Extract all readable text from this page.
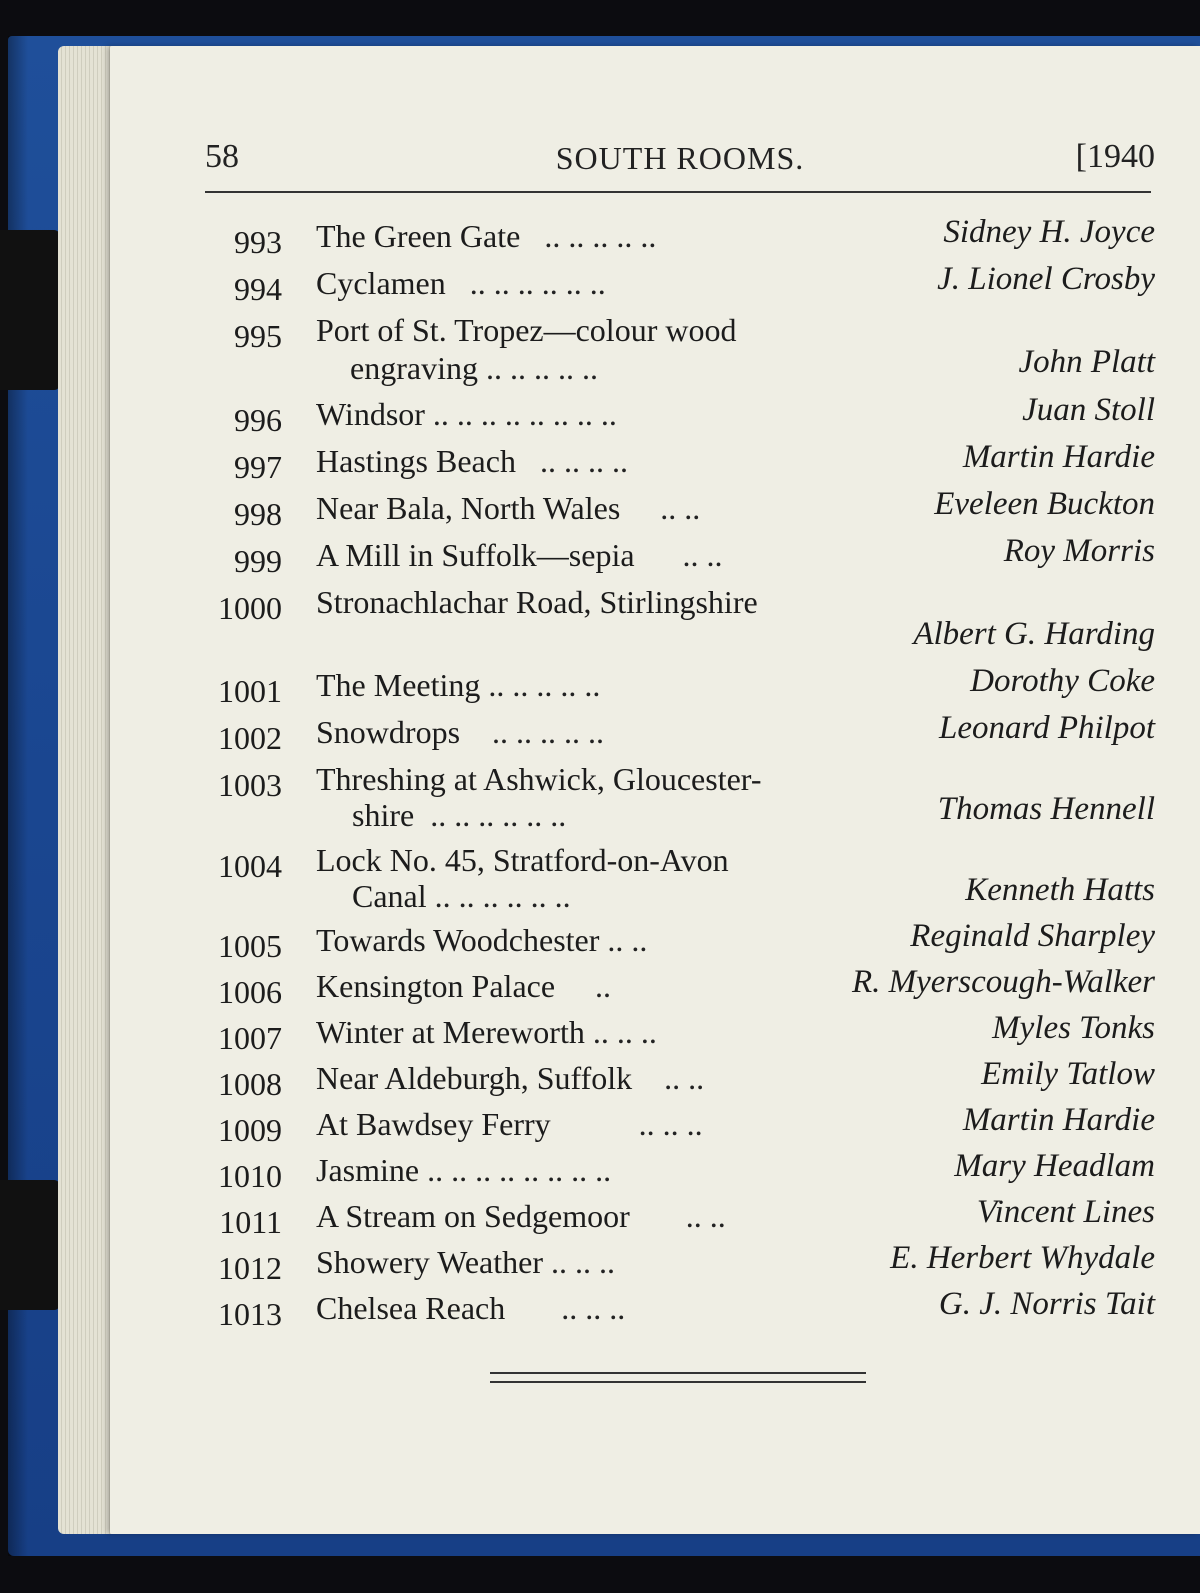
58	SOUTH ROOMS.	[1940
993 The Green Gate .. .. .. .. ..	Sidney H. Joyce
994 Cyclamen .. .. .. .. .. ..	J. Lionel Crosby
995 Port of St. Tropez—colour wood
engraving .. .. .. .. ..	John Platt
996 Windsor .. .. .. .. .. .. .. ..	Juan Stoll
997 Hastings Beach .. .. .. ..	Martin Hardie
998 Near Bala, North Wales .. ..	Eveleen Buckton
999 A Mill in Suffolk—sepia .. ..	Roy Morris
1000 Stronachlachar Road, Stirlingshire
Albert G. Harding
1001 The Meeting .. .. .. .. ..	Dorothy Coke
1002 Snowdrops .. .. .. .. ..	Leonard Philpot
1003 Threshing at Ashwick, Gloucester-
shire .. .. .. .. .. ..	Thomas Hennell
1004 Lock No. 45, Stratford-on-Avon
Canal .. .. .. .. .. ..	Kenneth Hatts
1005 Towards Woodchester .. ..	Reginald Sharpley
1006 Kensington Palace ..	R. Myerscough-Walker
1007 Winter at Mereworth .. .. ..	Myles Tonks
1008 Near Aldeburgh, Suffolk .. ..	Emily Tatlow
1009 At Bawdsey Ferry	.. .. ..	Martin Hardie
1010 Jasmine .. .. .. .. .. .. .. ..	Mary Headlam
1011 A Stream on Sedgemoor .. ..	Vincent Lines
1012 Showery Weather .. .. ..	E. Herbert Whydale
1013 Chelsea Reach .. .. ..	G. J. Norris Tait
